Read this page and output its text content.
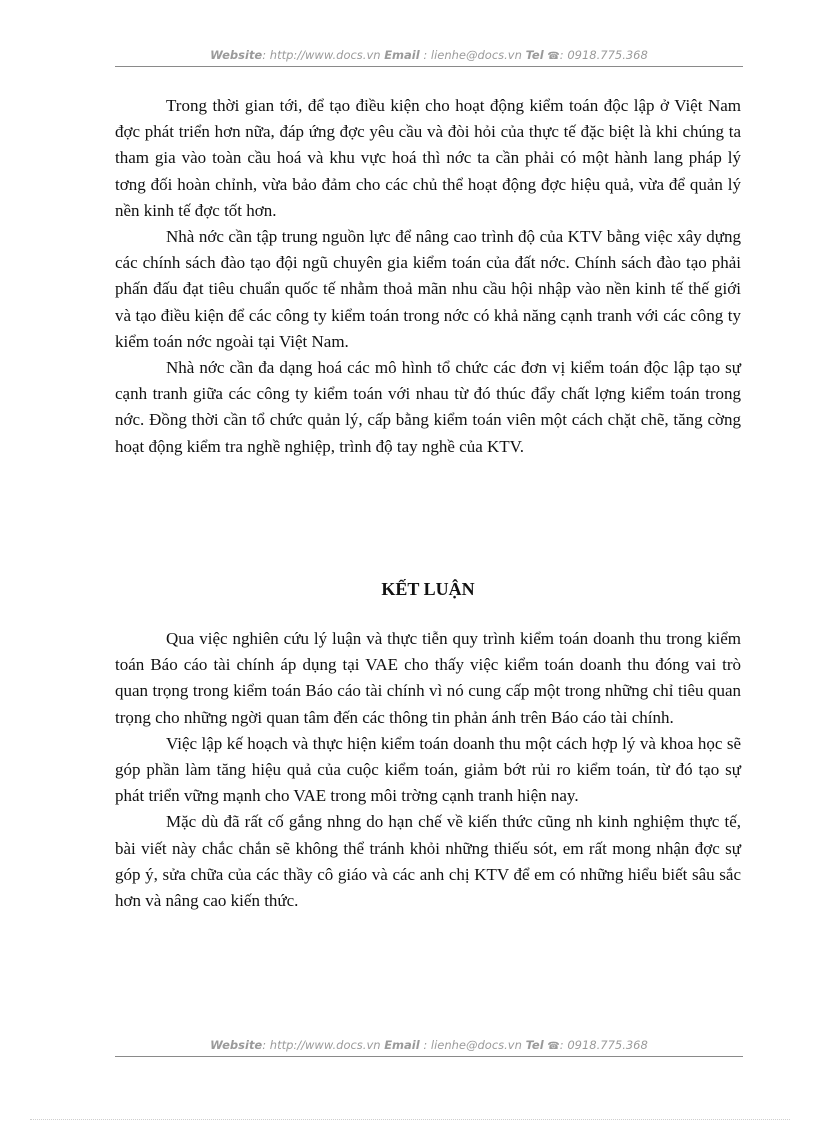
Website: http://www.docs.vn Email : lienhe@docs.vn Tel ☎: 0918.775.368

Trong thời gian tới, để tạo điều kiện cho hoạt động kiểm toán độc lập ở Việt Nam đợc phát triển hơn nữa, đáp ứng đợc yêu cầu và đòi hỏi của thực tế đặc biệt là khi chúng ta tham gia vào toàn cầu hoá và khu vực hoá thì nớc ta cần phải có một hành lang pháp lý tơng đối hoàn chỉnh, vừa bảo đảm cho các chủ thể hoạt động đợc hiệu quả, vừa để quản lý nền kinh tế đợc tốt hơn.

Nhà nớc cần tập trung nguồn lực để nâng cao trình độ của KTV bằng việc xây dựng các chính sách đào tạo đội ngũ chuyên gia kiểm toán của đất nớc. Chính sách đào tạo phải phấn đấu đạt tiêu chuẩn quốc tế nhằm thoả mãn nhu cầu hội nhập vào nền kinh tế thế giới và tạo điều kiện để các công ty kiểm toán trong nớc có khả năng cạnh tranh với các công ty kiểm toán nớc ngoài tại Việt Nam.

Nhà nớc cần đa dạng hoá các mô hình tổ chức các đơn vị kiểm toán độc lập tạo sự cạnh tranh giữa các công ty kiểm toán với nhau từ đó thúc đẩy chất lợng kiểm toán trong nớc. Đồng thời cần tổ chức quản lý, cấp bằng kiểm toán viên một cách chặt chẽ, tăng cờng hoạt động kiểm tra nghề nghiệp, trình độ tay nghề của KTV.

KẾT LUẬN

Qua việc nghiên cứu lý luận và thực tiễn quy trình kiểm toán doanh thu trong kiểm toán Báo cáo tài chính áp dụng tại VAE cho thấy việc kiểm toán doanh thu đóng vai trò quan trọng trong kiểm toán Báo cáo tài chính vì nó cung cấp một trong những chỉ tiêu quan trọng cho những ngời quan tâm đến các thông tin phản ánh trên Báo cáo tài chính.

Việc lập kế hoạch và thực hiện kiểm toán doanh thu một cách hợp lý và khoa học sẽ góp phần làm tăng hiệu quả của cuộc kiểm toán, giảm bớt rủi ro kiểm toán, từ đó tạo sự phát triển vững mạnh cho VAE trong môi trờng cạnh tranh hiện nay.

Mặc dù đã rất cố gắng nhng do hạn chế về kiến thức cũng nh kinh nghiệm thực tế, bài viết này chắc chắn sẽ không thể tránh khỏi những thiếu sót, em rất mong nhận đợc sự góp ý, sửa chữa của các thầy cô giáo và các anh chị KTV để em có những hiểu biết sâu sắc hơn và nâng cao kiến thức.

Website: http://www.docs.vn Email : lienhe@docs.vn Tel ☎: 0918.775.368
